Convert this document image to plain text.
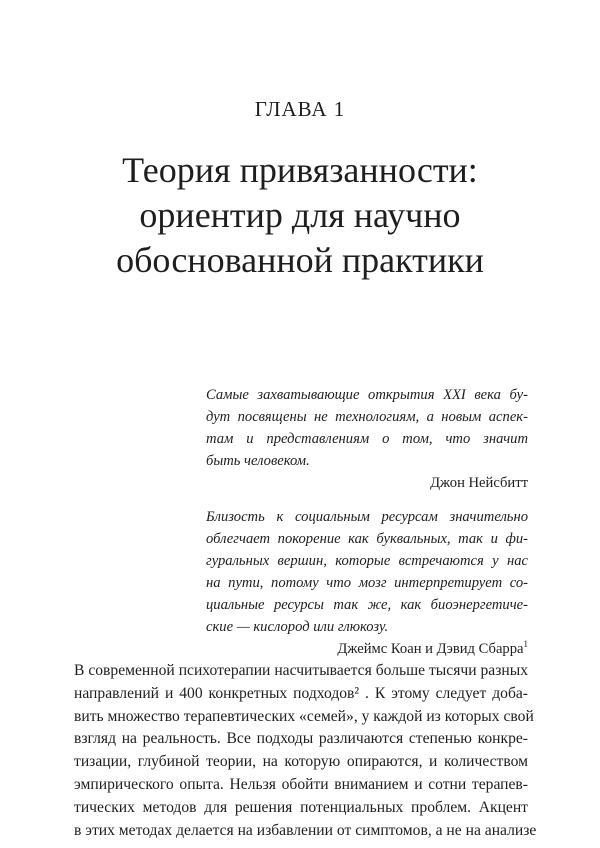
ГЛАВА 1
Теория привязанности:
ориентир для научно
обоснованной практики
Самые захватывающие открытия XXI века бу-
дут посвящены не технологиям, а новым аспек-
там и представлениям о том, что значит
быть человеком.
Джон Нейсбитт
Близость к социальным ресурсам значительно
облегчает покорение как буквальных, так и фи-
гуральных вершин, которые встречаются у нас
на пути, потому что мозг интерпретирует со-
циальные ресурсы так же, как биоэнергетиче-
ские — кислород или глюкозу.
Джеймс Коан и Дэвид Сбарра$^1$
В современной психотерапии насчитывается больше тысячи разных
направлений и 400 конкретных подходов² . К этому следует доба-
вить множество терапевтических «семей», у каждой из которых свой
взгляд на реальность. Все подходы различаются степенью конкре-
тизации, глубиной теории, на которую опираются, и количеством
эмпирического опыта. Нельзя обойти вниманием и сотни терапев-
тических методов для решения потенциальных проблем. Акцент
в этих методах делается на избавлении от симптомов, а не на анализе
